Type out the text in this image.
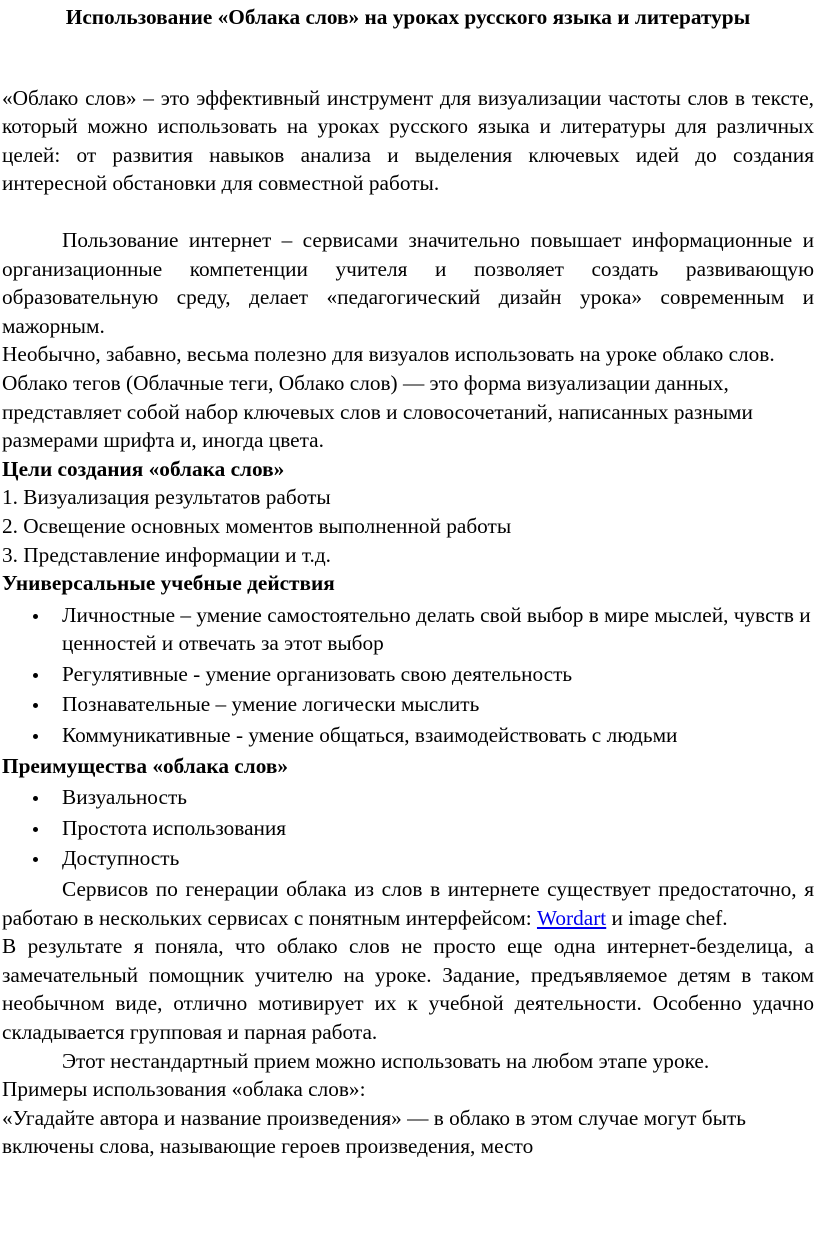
Использование «Облака слов» на уроках русского языка и литературы

«Облако слов» – это эффективный инструмент для визуализации частоты слов в тексте, который можно использовать на уроках русского языка и литературы для различных целей: от развития навыков анализа и выделения ключевых идей до создания интересной обстановки для совместной работы.

Пользование интернет – сервисами значительно повышает информационные и организационные компетенции учителя и позволяет создать развивающую образовательную среду, делает «педагогический дизайн урока» современным и мажорным.

Необычно, забавно, весьма полезно для визуалов использовать на уроке облако слов.

Облако тегов (Облачные теги, Облако слов) — это форма визуализации данных, представляет собой набор ключевых слов и словосочетаний, написанных разными размерами шрифта и, иногда цвета.

Цели создания «облака слов»

1. Визуализация результатов работы

2. Освещение основных моментов выполненной работы

3. Представление информации и т.д.

Универсальные учебные действия

Личностные – умение самостоятельно делать свой выбор в мире мыслей, чувств и ценностей и отвечать за этот выбор
Регулятивные - умение организовать свою деятельность
Познавательные – умение логически мыслить
Коммуникативные - умение общаться, взаимодействовать с людьми

Преимущества «облака слов»

Визуальность
Простота использования
Доступность

Сервисов по генерации облака из слов в интернете существует предостаточно, я работаю в нескольких сервисах с понятным интерфейсом: Wordart и image chef.

В результате я поняла, что облако слов не просто еще одна интернет-безделица, а замечательный помощник учителю на уроке. Задание, предъявляемое детям в таком необычном виде, отлично мотивирует их к учебной деятельности. Особенно удачно складывается групповая и парная работа.

Этот нестандартный прием можно использовать на любом этапе уроке.

Примеры использования «облака слов»:

«Угадайте автора и название произведения» — в облако в этом случае могут быть включены слова, называющие героев произведения, место
